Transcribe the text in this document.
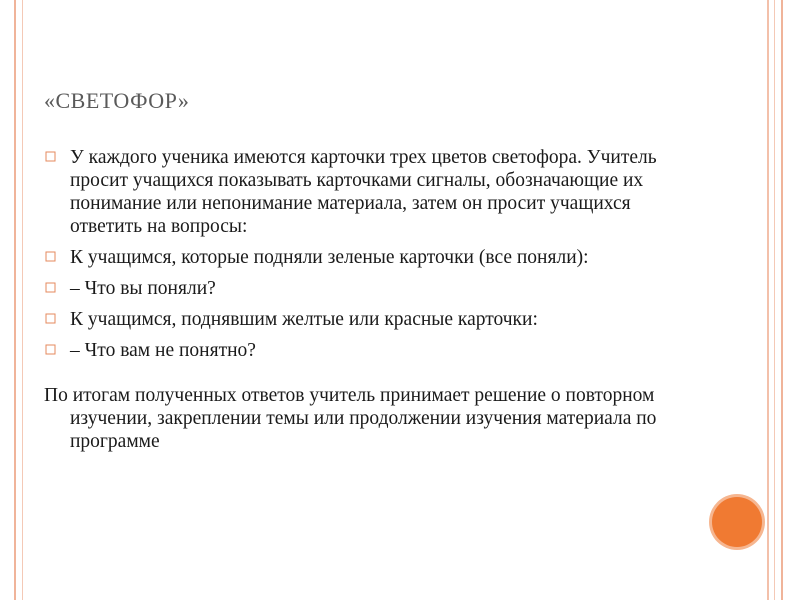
«СВЕТОФОР»
У каждого ученика имеются карточки трех цветов светофора. Учитель просит учащихся показывать карточками сигналы, обозначающие их понимание или непонимание материала, затем он просит учащихся ответить на вопросы:
К учащимся, которые подняли зеленые карточки (все поняли):
– Что вы поняли?
К учащимся, поднявшим желтые или красные карточки:
– Что вам не понятно?
По итогам полученных ответов учитель принимает решение о повторном изучении, закреплении темы или продолжении изучения материала по программе
